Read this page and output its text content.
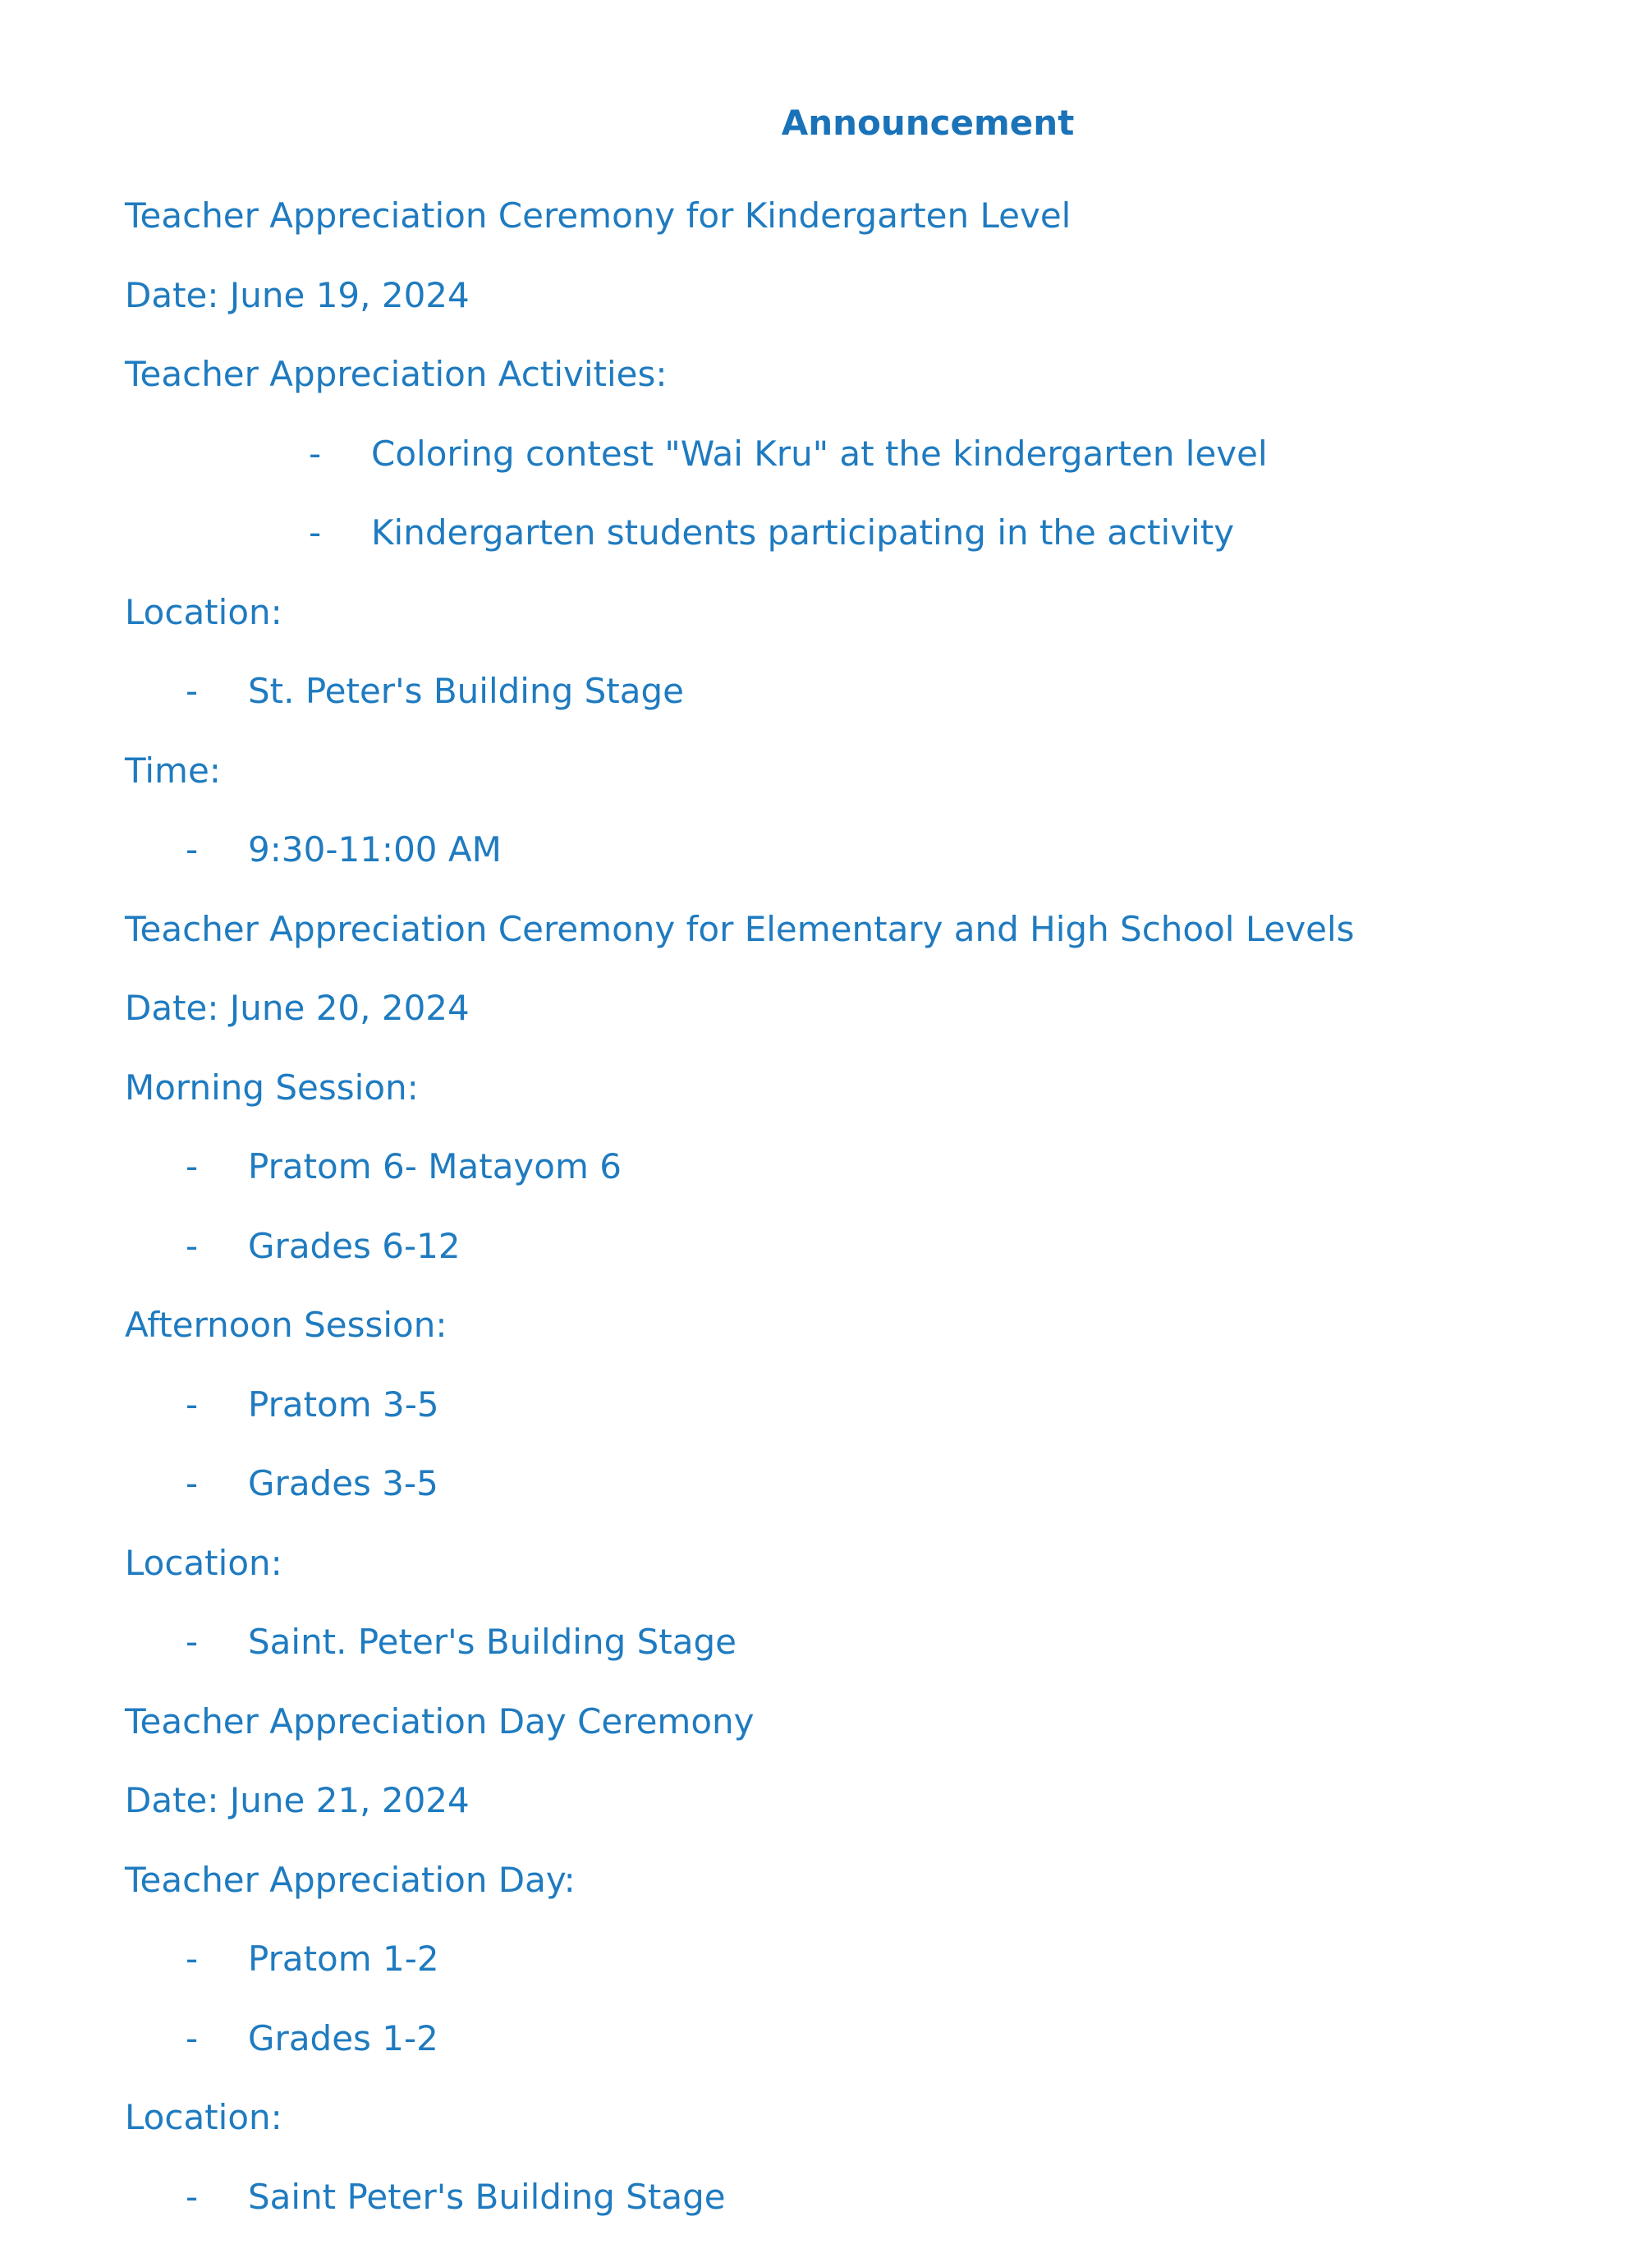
Announcement
Teacher Appreciation Ceremony for Kindergarten Level
Date: June 19, 2024
Teacher Appreciation Activities:
- Coloring contest "Wai Kru" at the kindergarten level
- Kindergarten students participating in the activity
Location:
- St. Peter's Building Stage
Time:
- 9:30-11:00 AM
Teacher Appreciation Ceremony for Elementary and High School Levels
Date: June 20, 2024
Morning Session:
- Pratom 6- Matayom 6
- Grades 6-12
Afternoon Session:
- Pratom 3-5
- Grades 3-5
Location:
- Saint. Peter's Building Stage
Teacher Appreciation Day Ceremony
Date: June 21, 2024
Teacher Appreciation Day:
- Pratom 1-2
- Grades 1-2
Location:
- Saint Peter's Building Stage
